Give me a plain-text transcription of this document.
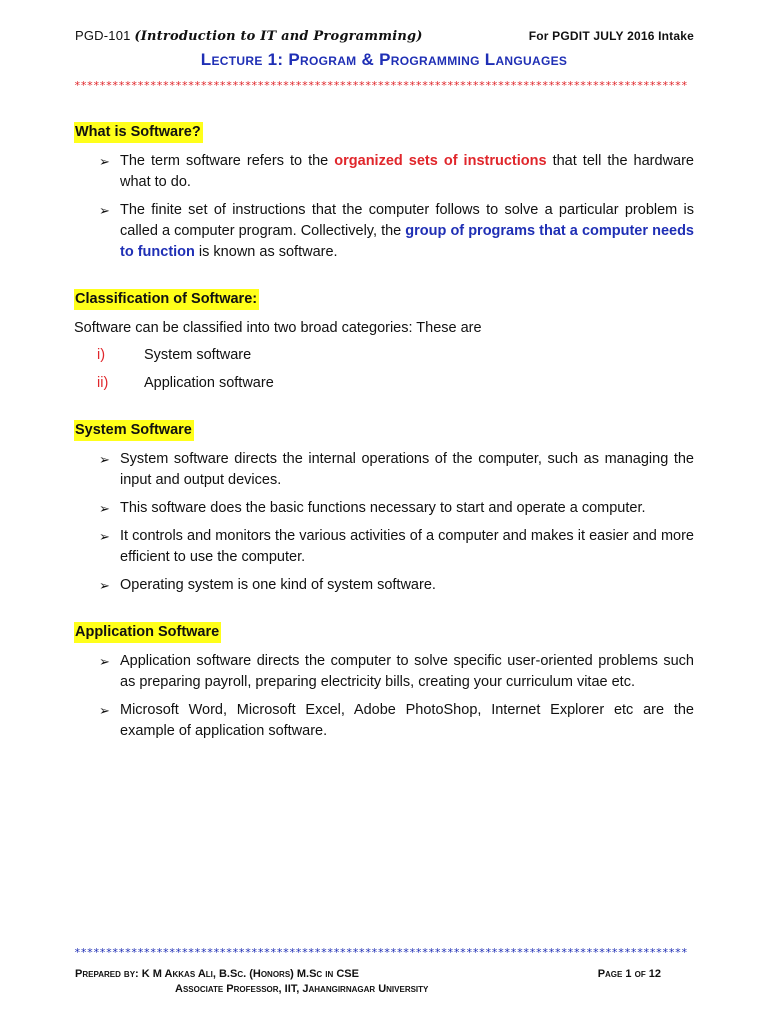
PGD-101 (Introduction to IT and Programming)	For PGDIT JULY 2016 Intake
Lecture 1: Program & Programming Languages
*************************************************************************************************
What is Software?
➢ The term software refers to the organized sets of instructions that tell the hardware what to do.
➢ The finite set of instructions that the computer follows to solve a particular problem is called a computer program. Collectively, the group of programs that a computer needs to function is known as software.
Classification of Software:
Software can be classified into two broad categories: These are
i)	System software
ii) Application software
System Software
➢ System software directs the internal operations of the computer, such as managing the input and output devices.
➢ This software does the basic functions necessary to start and operate a computer.
➢ It controls and monitors the various activities of a computer and makes it easier and more efficient to use the computer.
➢ Operating system is one kind of system software.
Application Software
➢ Application software directs the computer to solve specific user-oriented problems such as preparing payroll, preparing electricity bills, creating your curriculum vitae etc.
➢ Microsoft Word, Microsoft Excel, Adobe PhotoShop, Internet Explorer etc are the example of application software.
*************************************************************************************************
Prepared by: K M Akkas Ali, B.Sc. (Honors) M.Sc in CSE	Page 1 of 12
Associate Professor, IIT, Jahangirnagar University
